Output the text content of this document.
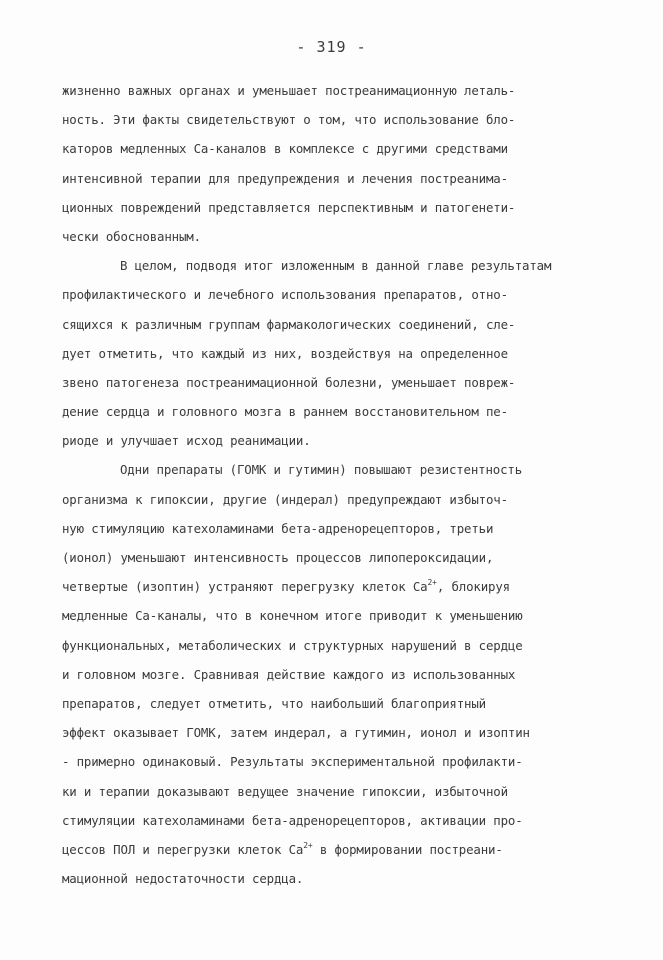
- 319 -
жизненно важных органах и уменьшает постреанимационную леталь-
ность. Эти факты свидетельствуют о том, что использование бло-
каторов медленных Ca-каналов в комплексе с другими средствами
интенсивной терапии для предупреждения и лечения постреанима-
ционных повреждений представляется перспективным и патогенети-
чески обоснованным.
В целом, подводя итог изложенным в данной главе результатам
профилактического и лечебного использования препаратов, отно-
сящихся к различным группам фармакологических соединений, сле-
дует отметить, что каждый из них, воздействуя на определенное
звено патогенеза постреанимационной болезни, уменьшает повреж-
дение сердца и головного мозга в раннем восстановительном пе-
риоде и улучшает исход реанимации.
Одни препараты (ГОМК и гутимин) повышают резистентность
организма к гипоксии, другие (индерал) предупреждают избыточ-
ную стимуляцию катехоламинами бета-адренорецепторов, третьи
(ионол) уменьшают интенсивность процессов липопероксидации,
четвертые (изоптин) устраняют перегрузку клеток $Ca^{2+}$, блокируя
медленные Ca-каналы, что в конечном итоге приводит к уменьшению
функциональных, метаболических и структурных нарушений в сердце
и головном мозге. Сравнивая действие каждого из использованных
препаратов, следует отметить, что наибольший благоприятный
эффект оказывает ГОМК, затем индерал, а гутимин, ионол и изоптин
- примерно одинаковый. Результаты экспериментальной профилакти-
ки и терапии доказывают ведущее значение гипоксии, избыточной
стимуляции катехоламинами бета-адренорецепторов, активации про-
цессов ПОЛ и перегрузки клеток $Ca^{2+}$ в формировании постреани-
мационной недостаточности сердца.
